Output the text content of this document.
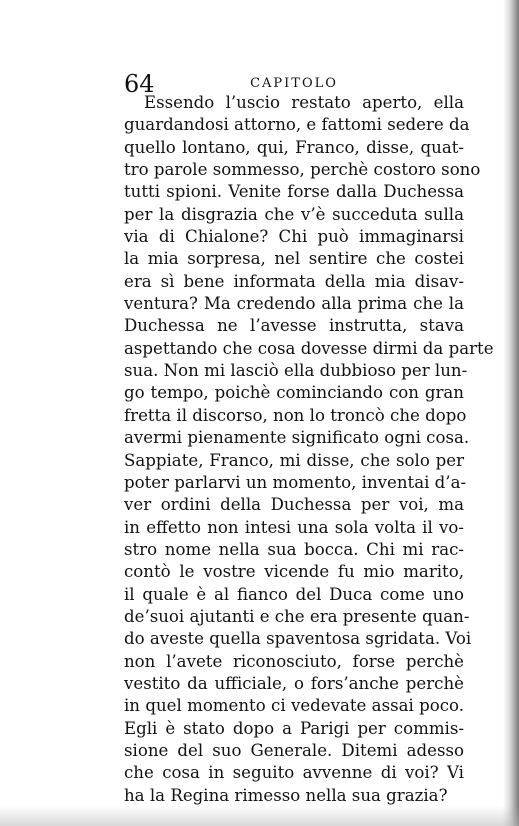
64	CAPITOLO
Essendo l’uscio restato aperto, ella
guardandosi attorno, e fattomi sedere da
quello lontano, qui, Franco, disse, quat-
tro parole sommesso, perchè costoro sono
tutti spioni. Venite forse dalla Duchessa
per la disgrazia che v’è succeduta sulla
via di Chialone? Chi può immaginarsi
la mia sorpresa, nel sentire che costei
era sì bene informata della mia disav-
ventura? Ma credendo alla prima che la
Duchessa ne l’avesse instrutta, stava
aspettando che cosa dovesse dirmi da parte
sua. Non mi lasciò ella dubbioso per lun-
go tempo, poichè cominciando con gran
fretta il discorso, non lo troncò che dopo
avermi pienamente significato ogni cosa.
Sappiate, Franco, mi disse, che solo per
poter parlarvi un momento, inventai d’a-
ver ordini della Duchessa per voi, ma
in effetto non intesi una sola volta il vo-
stro nome nella sua bocca. Chi mi rac-
contò le vostre vicende fu mio marito,
il quale è al fianco del Duca come uno
de’suoi ajutanti e che era presente quan-
do aveste quella spaventosa sgridata. Voi
non l’avete riconosciuto, forse perchè
vestito da ufficiale, o fors’anche perchè
in quel momento ci vedevate assai poco.
Egli è stato dopo a Parigi per commis-
sione del suo Generale. Ditemi adesso
che cosa in seguito avvenne di voi? Vi
ha la Regina rimesso nella sua grazia?
